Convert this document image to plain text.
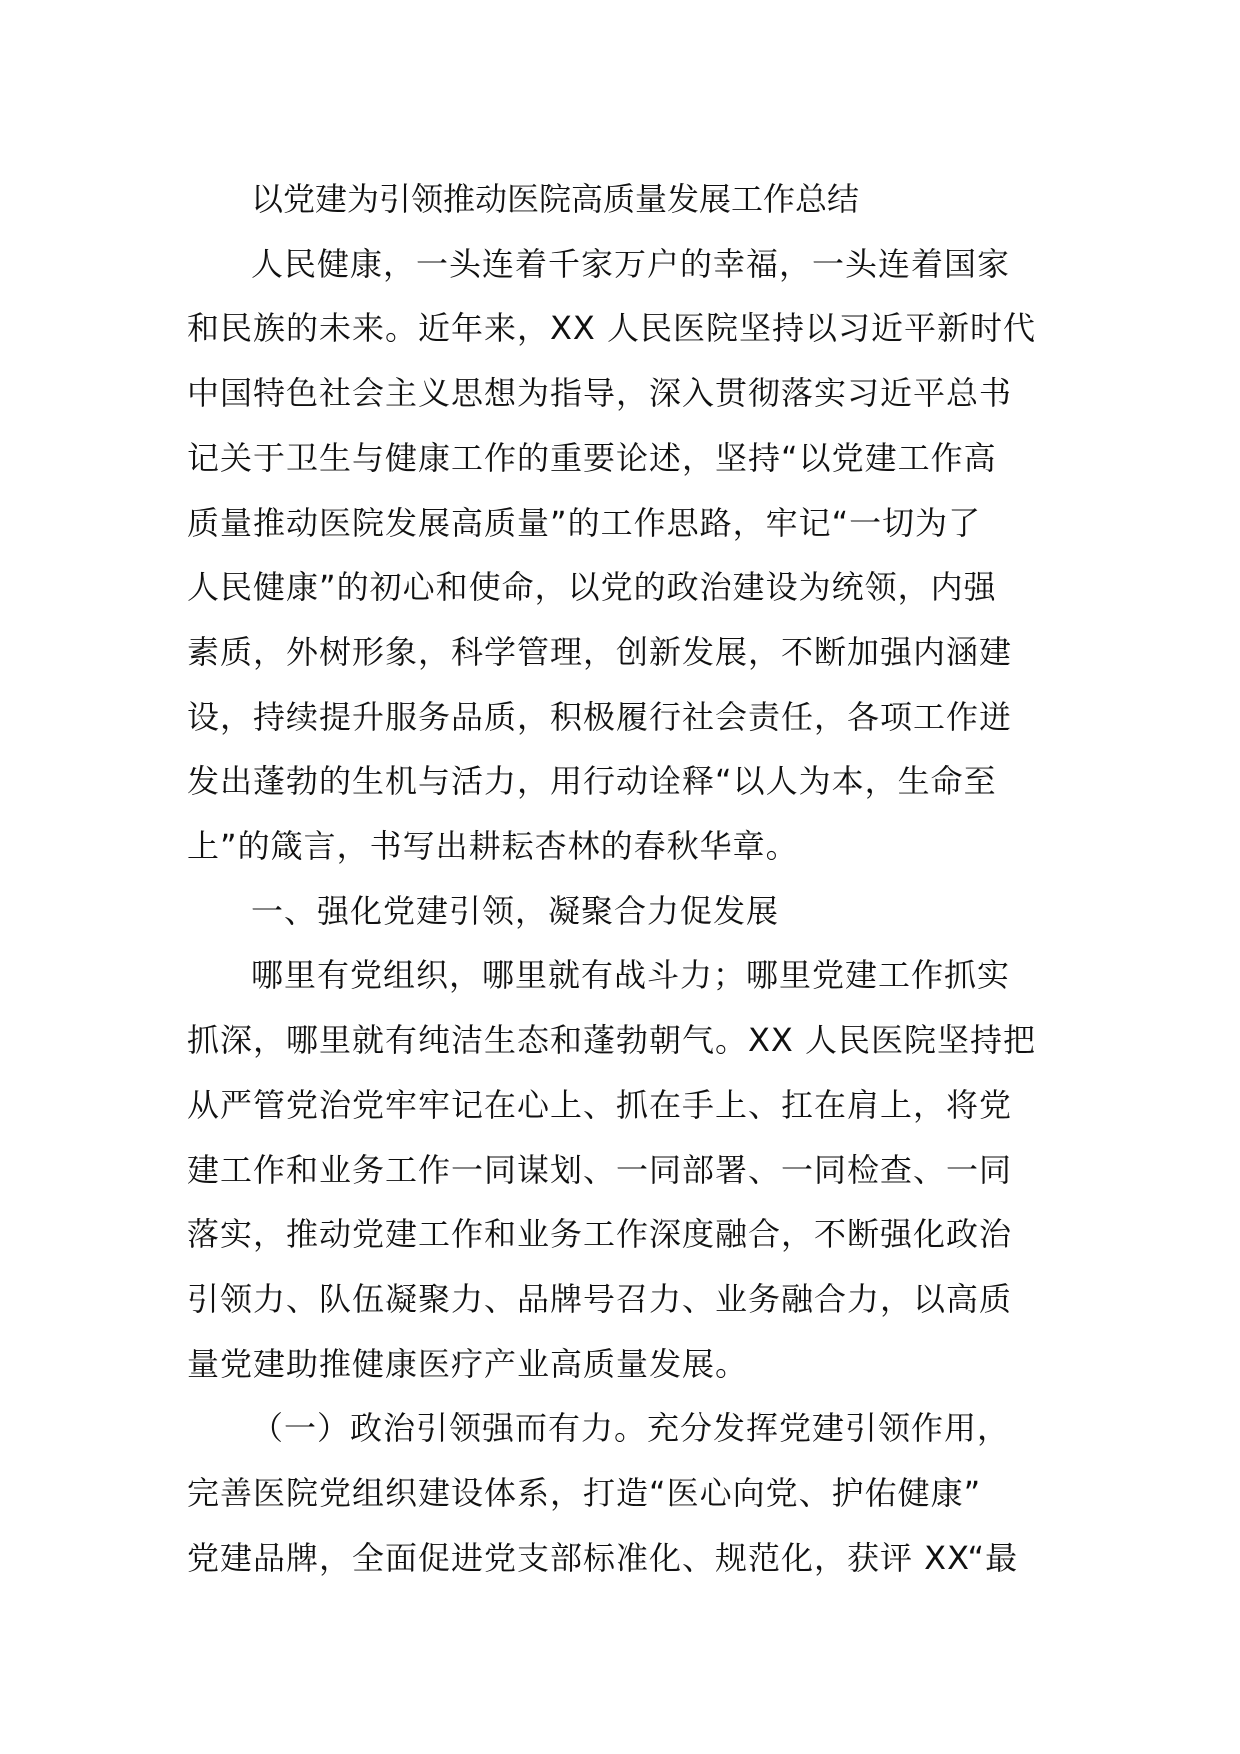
以党建为引领推动医院高质量发展工作总结
人民健康，一头连着千家万户的幸福，一头连着国家
和民族的未来。近年来，XX 人民医院坚持以习近平新时代
中国特色社会主义思想为指导，深入贯彻落实习近平总书
记关于卫生与健康工作的重要论述，坚持“以党建工作高
质量推动医院发展高质量”的工作思路，牢记“一切为了
人民健康”的初心和使命，以党的政治建设为统领，内强
素质，外树形象，科学管理，创新发展，不断加强内涵建
设，持续提升服务品质，积极履行社会责任，各项工作迸
发出蓬勃的生机与活力，用行动诠释“以人为本，生命至
上”的箴言，书写出耕耘杏林的春秋华章。
一、强化党建引领，凝聚合力促发展
哪里有党组织，哪里就有战斗力；哪里党建工作抓实
抓深，哪里就有纯洁生态和蓬勃朝气。XX 人民医院坚持把
从严管党治党牢牢记在心上、抓在手上、扛在肩上，将党
建工作和业务工作一同谋划、一同部署、一同检查、一同
落实，推动党建工作和业务工作深度融合，不断强化政治
引领力、队伍凝聚力、品牌号召力、业务融合力，以高质
量党建助推健康医疗产业高质量发展。
（一）政治引领强而有力。充分发挥党建引领作用，
完善医院党组织建设体系，打造“医心向党、护佑健康”
党建品牌，全面促进党支部标准化、规范化，获评 XX“最
